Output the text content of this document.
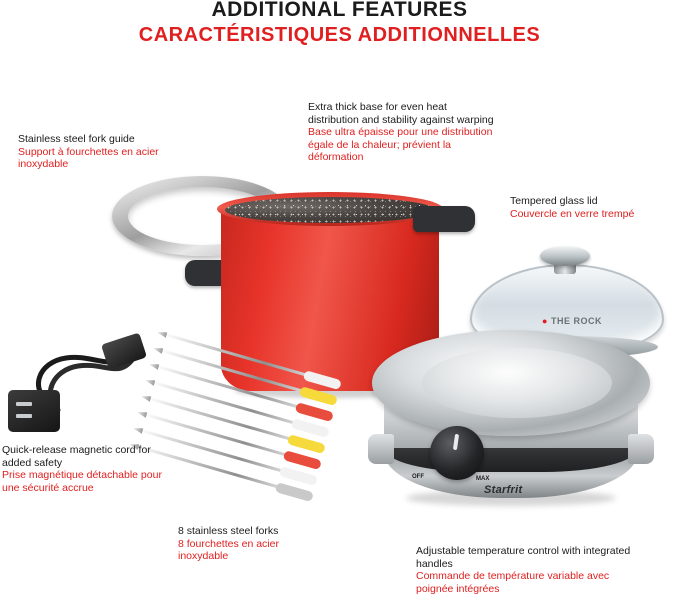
ADDITIONAL FEATURES
CARACTÉRISTIQUES ADDITIONNELLES
● THE ROCK
OFF	MAX
Starfrit
Stainless steel fork guide
Support à fourchettes en acier inoxydable
Extra thick base for even heat distribution and stability against warping
Base ultra épaisse pour une distribution égale de la chaleur; prévient la déformation
Tempered glass lid
Couvercle en verre trempé
Quick-release magnetic cord for added safety
Prise magnétique détachable pour une sécurité accrue
8 stainless steel forks
8 fourchettes en acier inoxydable	Adjustable temperature control with integrated handles
Commande de température variable avec poignée intégrées
